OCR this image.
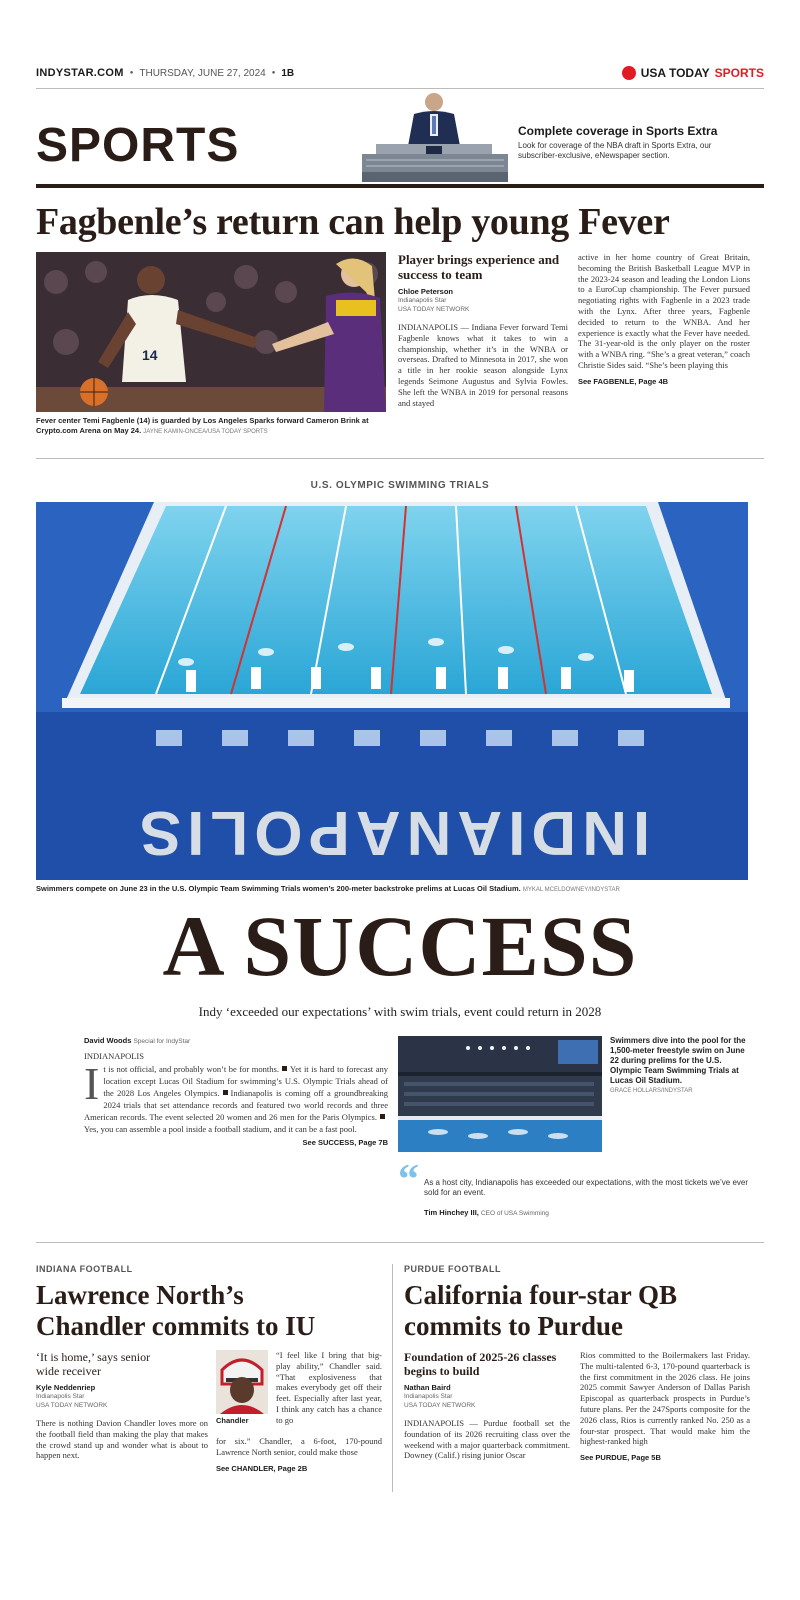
INDYSTAR.COM ● THURSDAY, JUNE 27, 2024 ● 1B	USA TODAY SPORTS
SPORTS	Complete coverage in Sports Extra
Look for coverage of the NBA draft in Sports Extra, our subscriber-exclusive, eNewspaper section.
Fagbenle’s return can help young Fever
14
Fever center Temi Fagbenle (14) is guarded by Los Angeles Sparks forward Cameron Brink at Crypto.com Arena on May 24. JAYNE KAMIN-ONCEA/USA TODAY SPORTS
Player brings experience and success to team
Chloe Peterson
Indianapolis Star
USA TODAY NETWORK
INDIANAPOLIS — Indiana Fever forward Temi Fagbenle knows what it takes to win a championship, whether it’s in the WNBA or overseas. Drafted to Minnesota in 2017, she won a title in her rookie season alongside Lynx legends Seimone Augustus and Sylvia Fowles. She left the WNBA in 2019 for personal reasons and stayed
active in her home country of Great Britain, becoming the British Basketball League MVP in the 2023-24 season and leading the London Lions to a EuroCup championship. The Fever pursued negotiating rights with Fagbenle in a 2023 trade with the Lynx. After three years, Fagbenle decided to return to the WNBA. And her experience is exactly what the Fever have needed. The 31-year-old is the only player on the roster with a WNBA ring. “She’s a great veteran,” coach Christie Sides said. “She’s been playing this
See FAGBENLE, Page 4B
U.S. OLYMPIC SWIMMING TRIALS
INDIANAPOLIS
Swimmers compete on June 23 in the U.S. Olympic Team Swimming Trials women’s 200-meter backstroke prelims at Lucas Oil Stadium. MYKAL MCELDOWNEY/INDYSTAR
A SUCCESS
Indy ‘exceeded our expectations’ with swim trials, event could return in 2028
David Woods Special for IndyStar
INDIANAPOLIS
I t is not official, and probably won’t be for months. Yet it is hard to forecast any location except Lucas Oil Stadium for swimming’s U.S. Olympic Trials ahead of the 2028 Los Angeles Olympics. Indianapolis is coming off a groundbreaking 2024 trials that set attendance records and featured two world records and three American records. The event selected 20 women and 26 men for the Paris Olympics.Yes, you can assemble a pool inside a football stadium, and it can be a fast pool.
See SUCCESS, Page 7B
Swimmers dive into the pool for the 1,500-meter freestyle swim on June 22 during prelims for the U.S. Olympic Team Swimming Trials at Lucas Oil Stadium.
GRACE HOLLARS/INDYSTAR
“ As a host city, Indianapolis has exceeded our expectations, with the most tickets we’ve ever sold for an event.
Tim Hinchey III, CEO of USA Swimming
INDIANA FOOTBALL
Lawrence North’s
Chandler commits to IU
‘It is home,’ says senior wide receiver
Kyle Neddenriep
Indianapolis Star
USA TODAY NETWORK
There is nothing Davion Chandler loves more on the football field than making the play that makes the crowd stand up and wonder what is about to happen next.
Chandler
“I feel like I bring that big-play ability,” Chandler said. “That explosiveness that makes everybody get off their feet. Especially after last year, I think any catch has a chance to go
for six.” Chandler, a 6-foot, 170-pound Lawrence North senior, could make those
See CHANDLER, Page 2B
PURDUE FOOTBALL
California four-star QB
commits to Purdue
Foundation of 2025-26 classes begins to build
Nathan Baird
Indianapolis Star
USA TODAY NETWORK
INDIANAPOLIS — Purdue football set the foundation of its 2026 recruiting class over the weekend with a major quarterback commitment. Downey (Calif.) rising junior Oscar
Rios committed to the Boilermakers last Friday. The multi-talented 6-3, 170-pound quarterback is the first commitment in the 2026 class. He joins 2025 commit Sawyer Anderson of Dallas Parish Episcopal as quarterback prospects in Purdue’s future plans. Per the 247Sports composite for the 2026 class, Rios is currently ranked No. 250 as a four-star prospect. That would make him the highest-ranked high
See PURDUE, Page 5B
